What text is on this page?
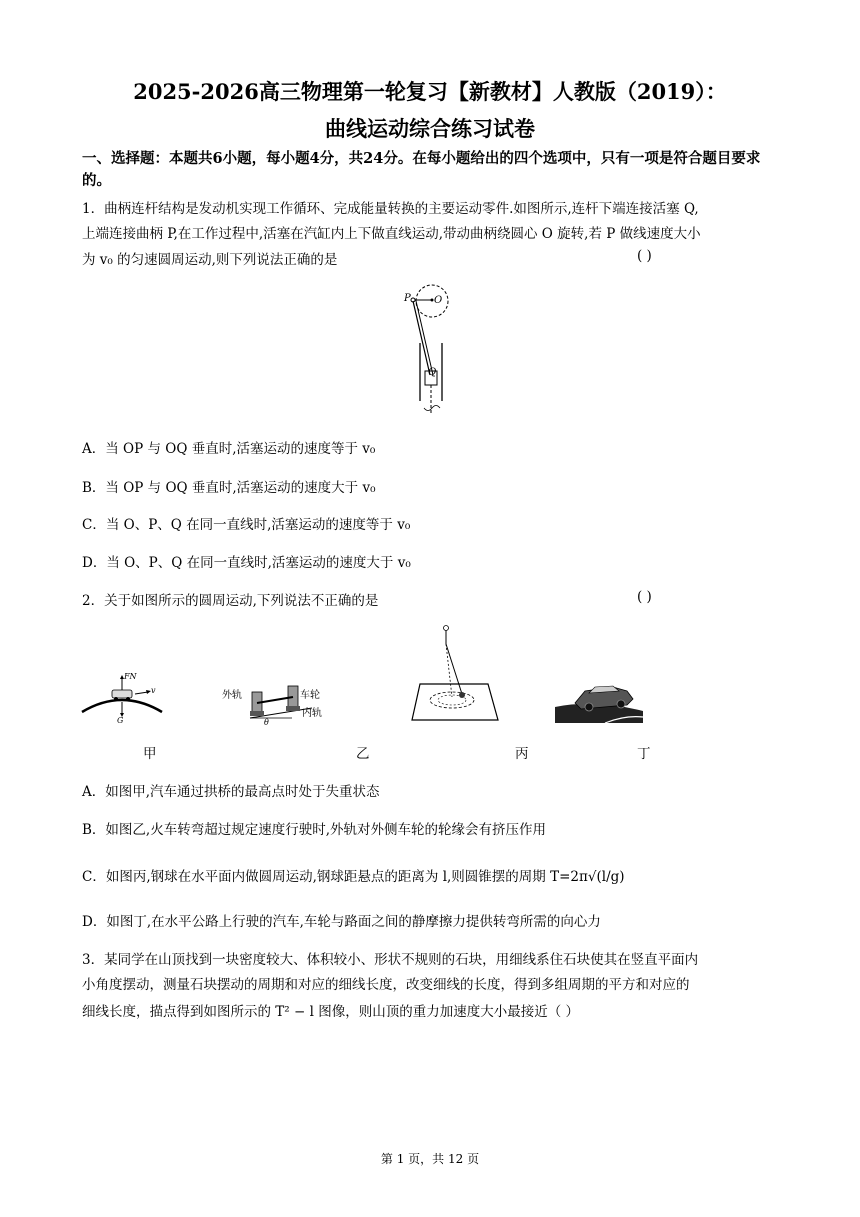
2025-2026高三物理第一轮复习【新教材】人教版（2019）：
曲线运动综合练习试卷
一、选择题：本题共6小题，每小题4分，共24分。在每小题给出的四个选项中，只有一项是符合题目要求的。
1．曲柄连杆结构是发动机实现工作循环、完成能量转换的主要运动零件.如图所示,连杆下端连接活塞 Q,
上端连接曲柄 P,在工作过程中,活塞在汽缸内上下做直线运动,带动曲柄绕圆心 O 旋转,若 P 做线速度大小
为 v₀ 的匀速圆周运动,则下列说法正确的是	( )
P O
Q
A．当 OP 与 OQ 垂直时,活塞运动的速度等于 v₀
B．当 OP 与 OQ 垂直时,活塞运动的速度大于 v₀
C．当 O、P、Q 在同一直线时,活塞运动的速度等于 v₀
D．当 O、P、Q 在同一直线时,活塞运动的速度大于 v₀
2．关于如图所示的圆周运动,下列说法不正确的是	( )
FN
v
G
外轨	车轮
内轨
θ
甲	乙	丙	丁
A．如图甲,汽车通过拱桥的最高点时处于失重状态
B．如图乙,火车转弯超过规定速度行驶时,外轨对外侧车轮的轮缘会有挤压作用
C．如图丙,钢球在水平面内做圆周运动,钢球距悬点的距离为 l,则圆锥摆的周期 T=2π√(l/g)
D．如图丁,在水平公路上行驶的汽车,车轮与路面之间的静摩擦力提供转弯所需的向心力
3．某同学在山顶找到一块密度较大、体积较小、形状不规则的石块，用细线系住石块使其在竖直平面内
小角度摆动，测量石块摆动的周期和对应的细线长度，改变细线的长度，得到多组周期的平方和对应的
细线长度，描点得到如图所示的 T² − l 图像，则山顶的重力加速度大小最接近（ ）
第 1 页，共 12 页
